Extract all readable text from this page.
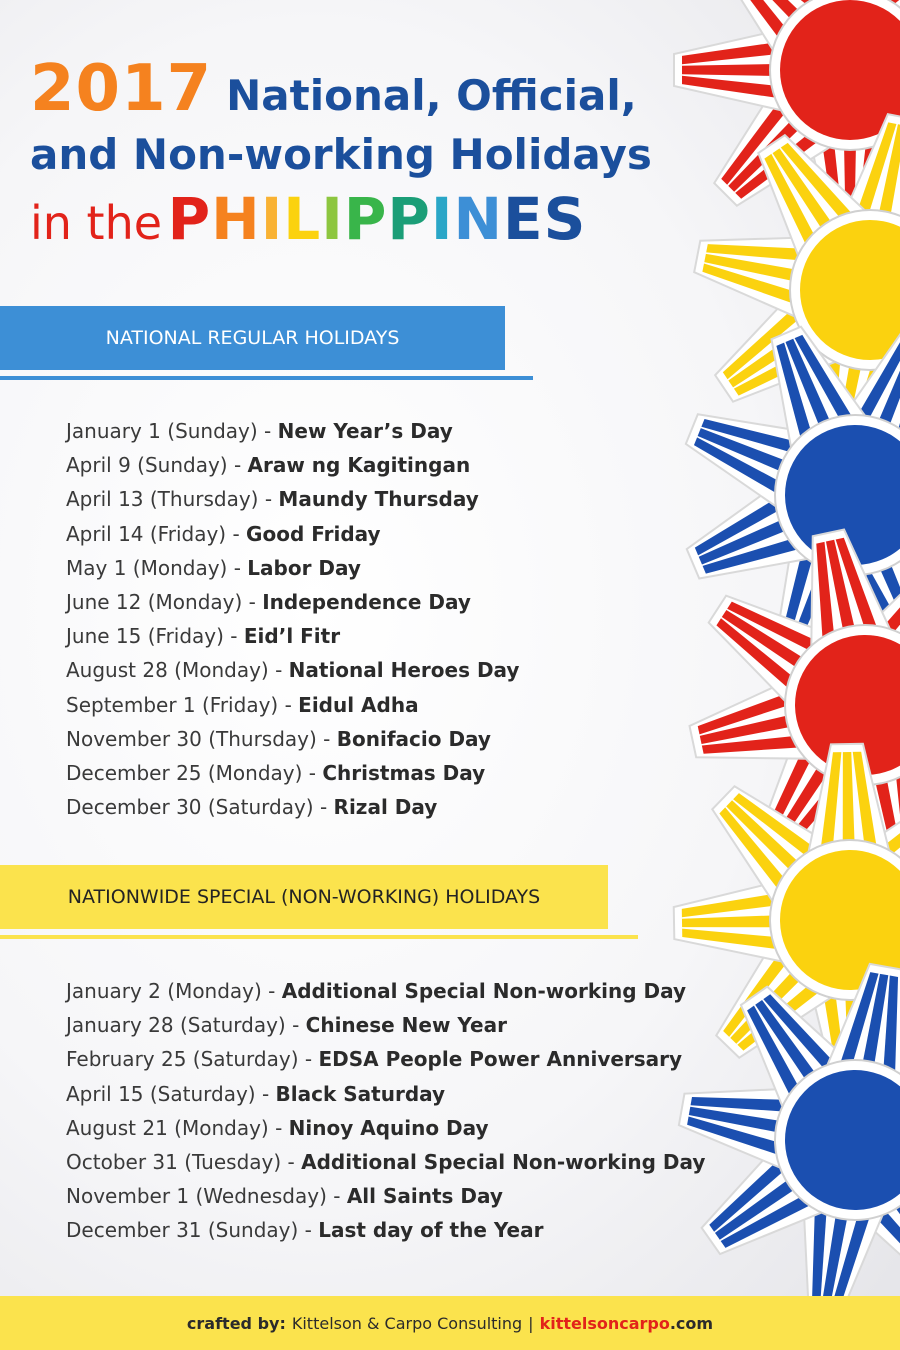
2017 National, Official,
and Non-working Holidays
in the PHILIPPINES
NATIONAL REGULAR HOLIDAYS
January 1 (Sunday) - New Year’s Day
April 9 (Sunday) - Araw ng Kagitingan
April 13 (Thursday) - Maundy Thursday
April 14 (Friday) - Good Friday
May 1 (Monday) - Labor Day
June 12 (Monday) - Independence Day
June 15 (Friday) - Eid’l Fitr
August 28 (Monday) - National Heroes Day
September 1 (Friday) - Eidul Adha
November 30 (Thursday) - Bonifacio Day
December 25 (Monday) - Christmas Day
December 30 (Saturday) - Rizal Day
NATIONWIDE SPECIAL (NON-WORKING) HOLIDAYS
January 2 (Monday) - Additional Special Non-working Day
January 28 (Saturday) - Chinese New Year
February 25 (Saturday) - EDSA People Power Anniversary
April 15 (Saturday) - Black Saturday
August 21 (Monday) - Ninoy Aquino Day
October 31 (Tuesday) - Additional Special Non-working Day
November 1 (Wednesday) - All Saints Day
December 31 (Sunday) - Last day of the Year
crafted by: Kittelson & Carpo Consulting | kittelsoncarpo .com
